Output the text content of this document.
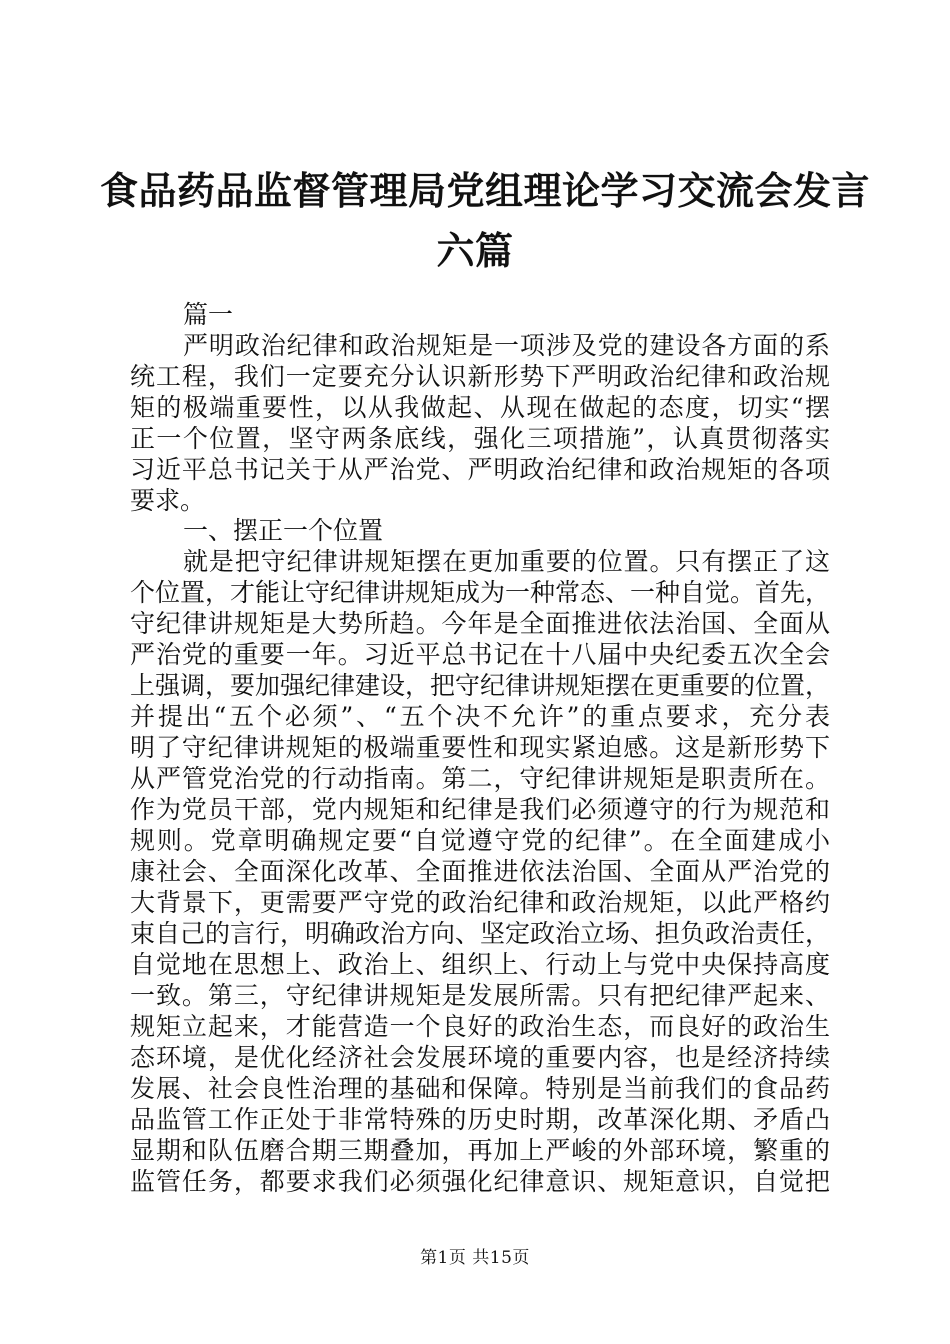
食品药品监督管理局党组理论学习交流会发言
六篇
篇一
严明政治纪律和政治规矩是一项涉及党的建设各方面的系
统工程，我们一定要充分认识新形势下严明政治纪律和政治规
矩的极端重要性，以从我做起、从现在做起的态度，切实“摆
正一个位置，坚守两条底线，强化三项措施”，认真贯彻落实
习近平总书记关于从严治党、严明政治纪律和政治规矩的各项
要求。
一、摆正一个位置
就是把守纪律讲规矩摆在更加重要的位置。只有摆正了这
个位置，才能让守纪律讲规矩成为一种常态、一种自觉。首先，
守纪律讲规矩是大势所趋。今年是全面推进依法治国、全面从
严治党的重要一年。习近平总书记在十八届中央纪委五次全会
上强调，要加强纪律建设，把守纪律讲规矩摆在更重要的位置，
并提出“五个必须”、“五个决不允许”的重点要求，充分表
明了守纪律讲规矩的极端重要性和现实紧迫感。这是新形势下
从严管党治党的行动指南。第二，守纪律讲规矩是职责所在。
作为党员干部，党内规矩和纪律是我们必须遵守的行为规范和
规则。党章明确规定要“自觉遵守党的纪律”。在全面建成小
康社会、全面深化改革、全面推进依法治国、全面从严治党的
大背景下，更需要严守党的政治纪律和政治规矩，以此严格约
束自己的言行，明确政治方向、坚定政治立场、担负政治责任，
自觉地在思想上、政治上、组织上、行动上与党中央保持高度
一致。第三，守纪律讲规矩是发展所需。只有把纪律严起来、
规矩立起来，才能营造一个良好的政治生态，而良好的政治生
态环境，是优化经济社会发展环境的重要内容，也是经济持续
发展、社会良性治理的基础和保障。特别是当前我们的食品药
品监管工作正处于非常特殊的历史时期，改革深化期、矛盾凸
显期和队伍磨合期三期叠加，再加上严峻的外部环境，繁重的
监管任务，都要求我们必须强化纪律意识、规矩意识，自觉把
第1页 共15页
